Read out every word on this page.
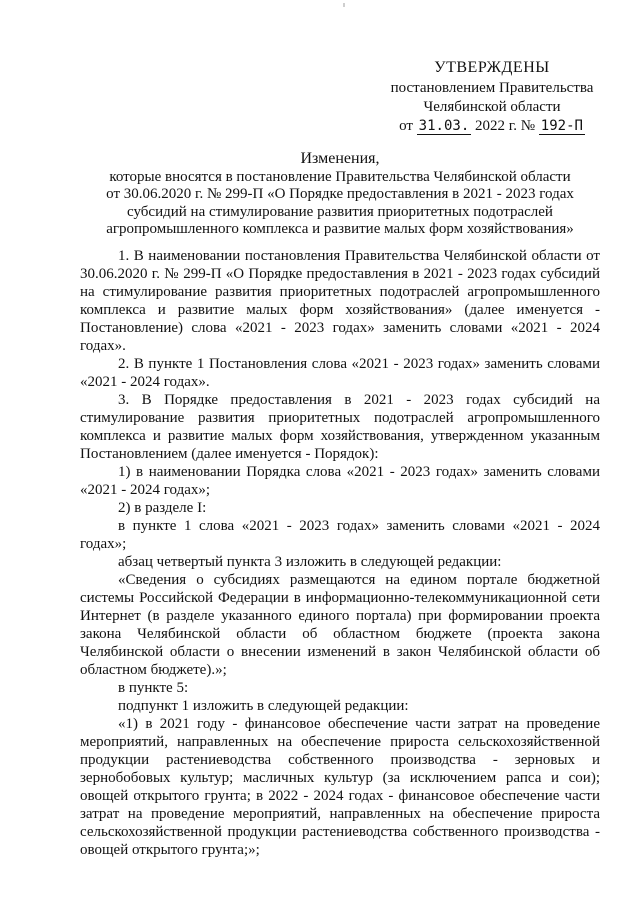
УТВЕРЖДЕНЫ
постановлением Правительства
Челябинской области
от 31.03. 2022 г. № 192-П
Изменения,
которые вносятся в постановление Правительства Челябинской области
от 30.06.2020 г. № 299-П «О Порядке предоставления в 2021 - 2023 годах
субсидий на стимулирование развития приоритетных подотраслей
агропромышленного комплекса и развитие малых форм хозяйствования»

1. В наименовании постановления Правительства Челябинской области от 30.06.2020 г. № 299-П «О Порядке предоставления в 2021 - 2023 годах субсидий на стимулирование развития приоритетных подотраслей агропромышленного комплекса и развитие малых форм хозяйствования» (далее именуется - Постановление) слова «2021 - 2023 годах» заменить словами «2021 - 2024 годах».

2. В пункте 1 Постановления слова «2021 - 2023 годах» заменить словами «2021 - 2024 годах».

3. В Порядке предоставления в 2021 - 2023 годах субсидий на стимулирование развития приоритетных подотраслей агропромышленного комплекса и развитие малых форм хозяйствования, утвержденном указанным Постановлением (далее именуется - Порядок):

1) в наименовании Порядка слова «2021 - 2023 годах» заменить словами «2021 - 2024 годах»;

2) в разделе I:

в пункте 1 слова «2021 - 2023 годах» заменить словами «2021 - 2024 годах»;

абзац четвертый пункта 3 изложить в следующей редакции:

«Сведения о субсидиях размещаются на едином портале бюджетной системы Российской Федерации в информационно-телекоммуникационной сети Интернет (в разделе указанного единого портала) при формировании проекта закона Челябинской области об областном бюджете (проекта закона Челябинской области о внесении изменений в закон Челябинской области об областном бюджете).»;

в пункте 5:

подпункт 1 изложить в следующей редакции:

«1) в 2021 году - финансовое обеспечение части затрат на проведение мероприятий, направленных на обеспечение прироста сельскохозяйственной продукции растениеводства собственного производства - зерновых и зернобобовых культур; масличных культур (за исключением рапса и сои); овощей открытого грунта; в 2022 - 2024 годах - финансовое обеспечение части затрат на проведение мероприятий, направленных на обеспечение прироста сельскохозяйственной продукции растениеводства собственного производства - овощей открытого грунта;»;
